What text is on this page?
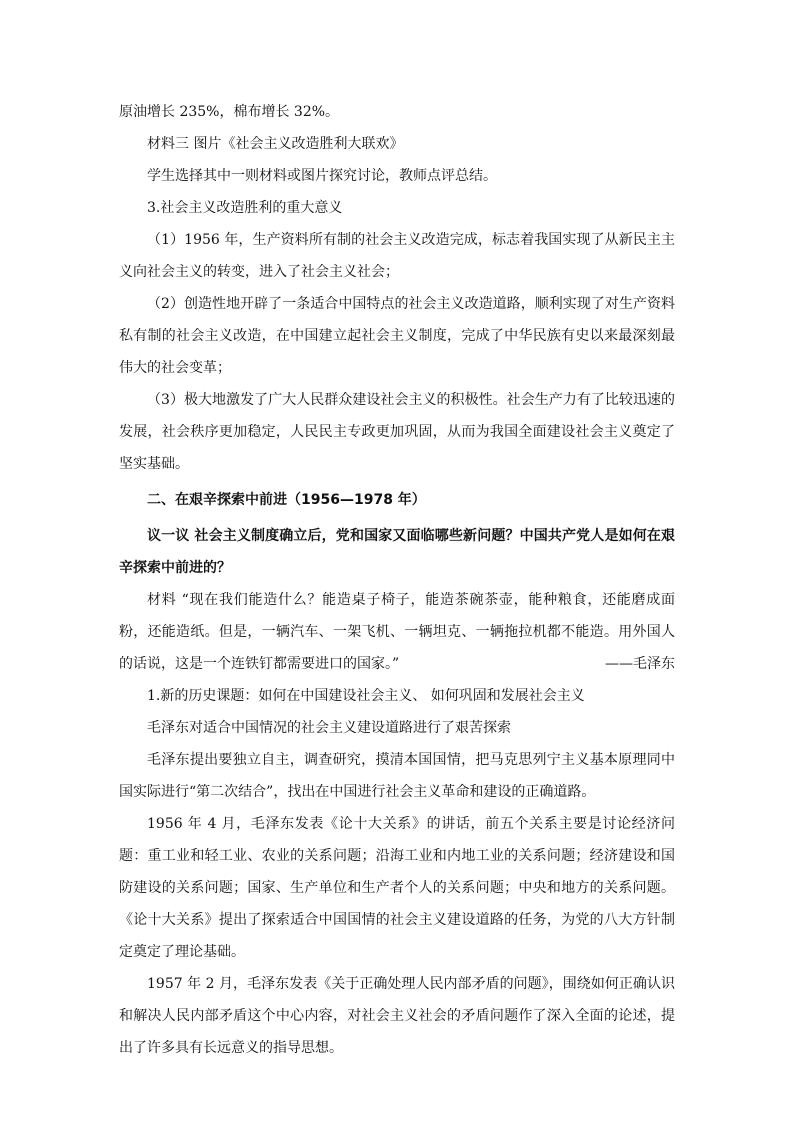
原油增长 235%，棉布增长 32%。

材料三 图片《社会主义改造胜利大联欢》

学生选择其中一则材料或图片探究讨论，教师点评总结。

3.社会主义改造胜利的重大意义

（1）1956 年，生产资料所有制的社会主义改造完成，标志着我国实现了从新民主主义向社会主义的转变，进入了社会主义社会；

（2）创造性地开辟了一条适合中国特点的社会主义改造道路，顺利实现了对生产资料私有制的社会主义改造，在中国建立起社会主义制度，完成了中华民族有史以来最深刻最伟大的社会变革；

（3）极大地激发了广大人民群众建设社会主义的积极性。社会生产力有了比较迅速的发展，社会秩序更加稳定，人民民主专政更加巩固，从而为我国全面建设社会主义奠定了坚实基础。

二、在艰辛探索中前进（1956—1978 年）

议一议 社会主义制度确立后，党和国家又面临哪些新问题？中国共产党人是如何在艰辛探索中前进的？

材料 “现在我们能造什么？能造桌子椅子，能造茶碗茶壶，能种粮食，还能磨成面粉，还能造纸。但是，一辆汽车、一架飞机、一辆坦克、一辆拖拉机都不能造。用外国人的话说，这是一个连铁钉都需要进口的国家。”	——毛泽东

1.新的历史课题：如何在中国建设社会主义、 如何巩固和发展社会主义

毛泽东对适合中国情况的社会主义建设道路进行了艰苦探索

毛泽东提出要独立自主，调查研究，摸清本国国情，把马克思列宁主义基本原理同中国实际进行“第二次结合”，找出在中国进行社会主义革命和建设的正确道路。

1956 年 4 月，毛泽东发表《论十大关系》的讲话，前五个关系主要是讨论经济问题：重工业和轻工业、农业的关系问题；沿海工业和内地工业的关系问题；经济建设和国防建设的关系问题；国家、生产单位和生产者个人的关系问题；中央和地方的关系问题。《论十大关系》提出了探索适合中国国情的社会主义建设道路的任务，为党的八大方针制定奠定了理论基础。

1957 年 2 月，毛泽东发表《关于正确处理人民内部矛盾的问题》，围绕如何正确认识和解决人民内部矛盾这个中心内容，对社会主义社会的矛盾问题作了深入全面的论述，提出了许多具有长远意义的指导思想。
